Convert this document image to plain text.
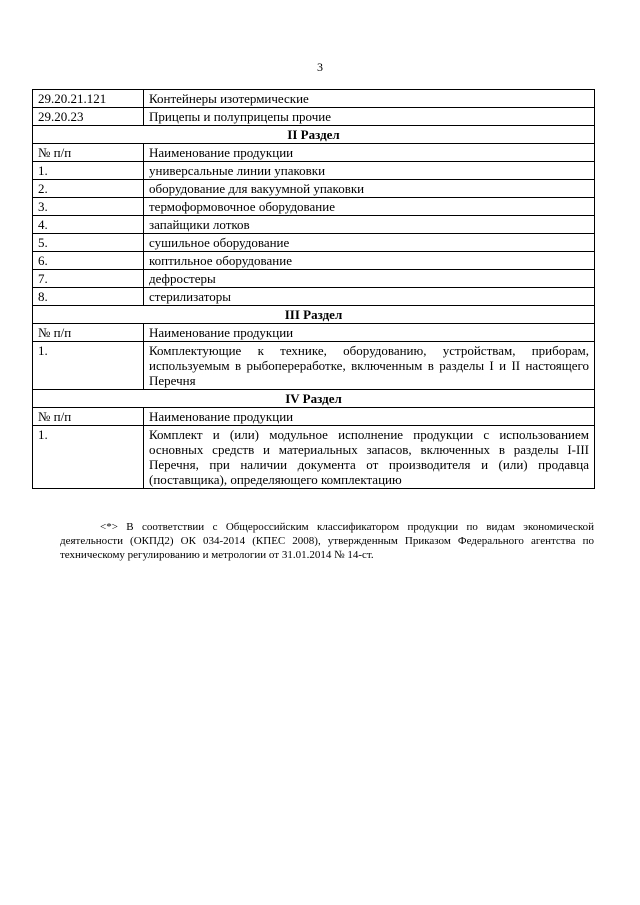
3
29.20.21.121	Контейнеры изотермические
29.20.23	Прицепы и полуприцепы прочие
II Раздел	
№ п/п	Наименование продукции
1.	универсальные линии упаковки
2.	оборудование для вакуумной упаковки
3.	термоформовочное оборудование
4.	запайщики лотков
5.	сушильное оборудование
6.	коптильное оборудование
7.	дефростеры
8.	стерилизаторы
III Раздел	
№ п/п	Наименование продукции
1.	Комплектующие к технике, оборудованию, устройствам, приборам, используемым в рыбопереработке, включенным в разделы I и II настоящего Перечня
IV Раздел	
№ п/п	Наименование продукции
1.	Комплект и (или) модульное исполнение продукции с использованием основных средств и материальных запасов, включенных в разделы I-III Перечня, при наличии документа от производителя и (или) продавца (поставщика), определяющего комплектацию
<*> В соответствии с Общероссийским классификатором продукции по видам экономической деятельности (ОКПД2) ОК 034-2014 (КПЕС 2008), утвержденным Приказом Федерального агентства по техническому регулированию и метрологии от 31.01.2014 № 14-ст.
